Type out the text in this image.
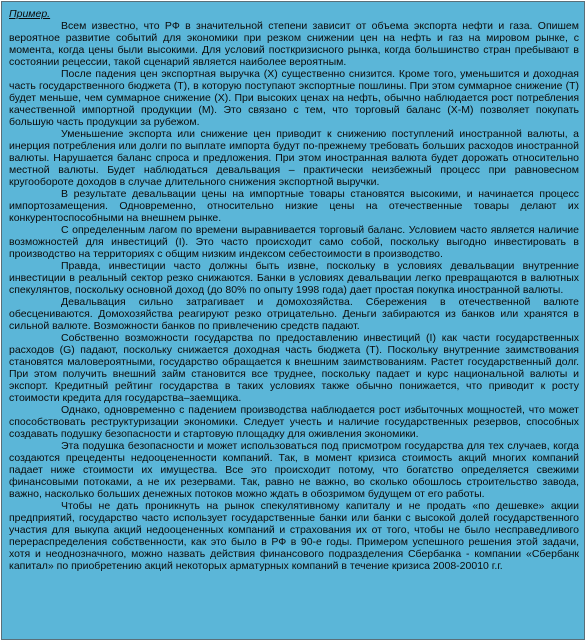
Пример.

Всем известно, что РФ в значительной степени зависит от объема экспорта нефти и газа. Опишем вероятное развитие событий для экономики при резком снижении цен на нефть и газ на мировом рынке, с момента, когда цены были высокими. Для условий посткризисного рынка, когда большинство стран пребывают в состоянии рецессии, такой сценарий является наиболее вероятным.

После падения цен экспортная выручка (X) существенно снизится. Кроме того, уменьшится и доходная часть государственного бюджета (T), в которую поступают экспортные пошлины. При этом суммарное снижение (T) будет меньше, чем суммарное снижение (X). При высоких ценах на нефть, обычно наблюдается рост потребления качественной импортной продукции (M). Это связано с тем, что торговый баланс (X-M) позволяет покупать большую часть продукции за рубежом.

Уменьшение экспорта или снижение цен приводит к снижению поступлений иностранной валюты, а инерция потребления или долги по выплате импорта будут по-прежнему требовать больших расходов иностранной валюты. Нарушается баланс спроса и предложения. При этом иностранная валюта будет дорожать относительно местной валюты. Будет наблюдаться девальвация – практически неизбежный процесс при равновесном кругообороте доходов в случае длительного снижения экспортной выручки.

В результате девальвации цены на импортные товары становятся высокими, и начинается процесс импортозамещения. Одновременно, относительно низкие цены на отечественные товары делают их конкурентоспособными на внешнем рынке.

С определенным лагом по времени выравнивается торговый баланс. Условием часто является наличие возможностей для инвестиций (I). Это часто происходит само собой, поскольку выгодно инвестировать в производство на территориях с общим низким индексом себестоимости в производство.

Правда, инвестиции часто должны быть извне, поскольку в условиях девальвации внутренние инвестиции в реальный сектор резко снижаются. Банки в условиях девальвации легко превращаются в валютных спекулянтов, поскольку основной доход (до 80% по опыту 1998 года) дает простая покупка иностранной валюты.

Девальвация сильно затрагивает и домохозяйства. Сбережения в отечественной валюте обесцениваются. Домохозяйства реагируют резко отрицательно. Деньги забираются из банков или хранятся в сильной валюте. Возможности банков по привлечению средств падают.

Собственно возможности государства по предоставлению инвестиций (I) как части государственных расходов (G) падают, поскольку снижается доходная часть бюджета (T). Поскольку внутренние заимствования становятся маловероятными, государство обращается к внешним заимствованиям. Растет государственный долг. При этом получить внешний займ становится все труднее, поскольку падает и курс национальной валюты и экспорт. Кредитный рейтинг государства в таких условиях также обычно понижается, что приводит к росту стоимости кредита для государства–заемщика.

Однако, одновременно с падением производства наблюдается рост избыточных мощностей, что может способствовать реструктуризации экономики. Следует учесть и наличие государственных резервов, способных создавать подушку безопасности и стартовую площадку для оживления экономики.

Эта подушка безопасности и может использоваться под присмотром государства для тех случаев, когда создаются прецеденты недооцененности компаний. Так, в момент кризиса стоимость акций многих компаний падает ниже стоимости их имущества. Все это происходит потому, что богатство определяется свежими финансовыми потоками, а не их резервами. Так, равно не важно, во сколько обошлось строительство завода, важно, насколько больших денежных потоков можно ждать в обозримом будущем от его работы.

Чтобы не дать проникнуть на рынок спекулятивному капиталу и не продать «по дешевке» акции предприятий, государство часто использует государственные банки или банки с высокой долей государственного участия для выкупа акций недооцененных компаний и страхования их от того, чтобы не было несправедливого перераспределения собственности, как это было в РФ в 90-е годы. Примером успешного решения этой задачи, хотя и неоднозначного, можно назвать действия финансового подразделения Сбербанка - компании «Сбербанк капитал» по приобретению акций некоторых арматурных компаний в течение кризиса 2008-20010 г.г.
